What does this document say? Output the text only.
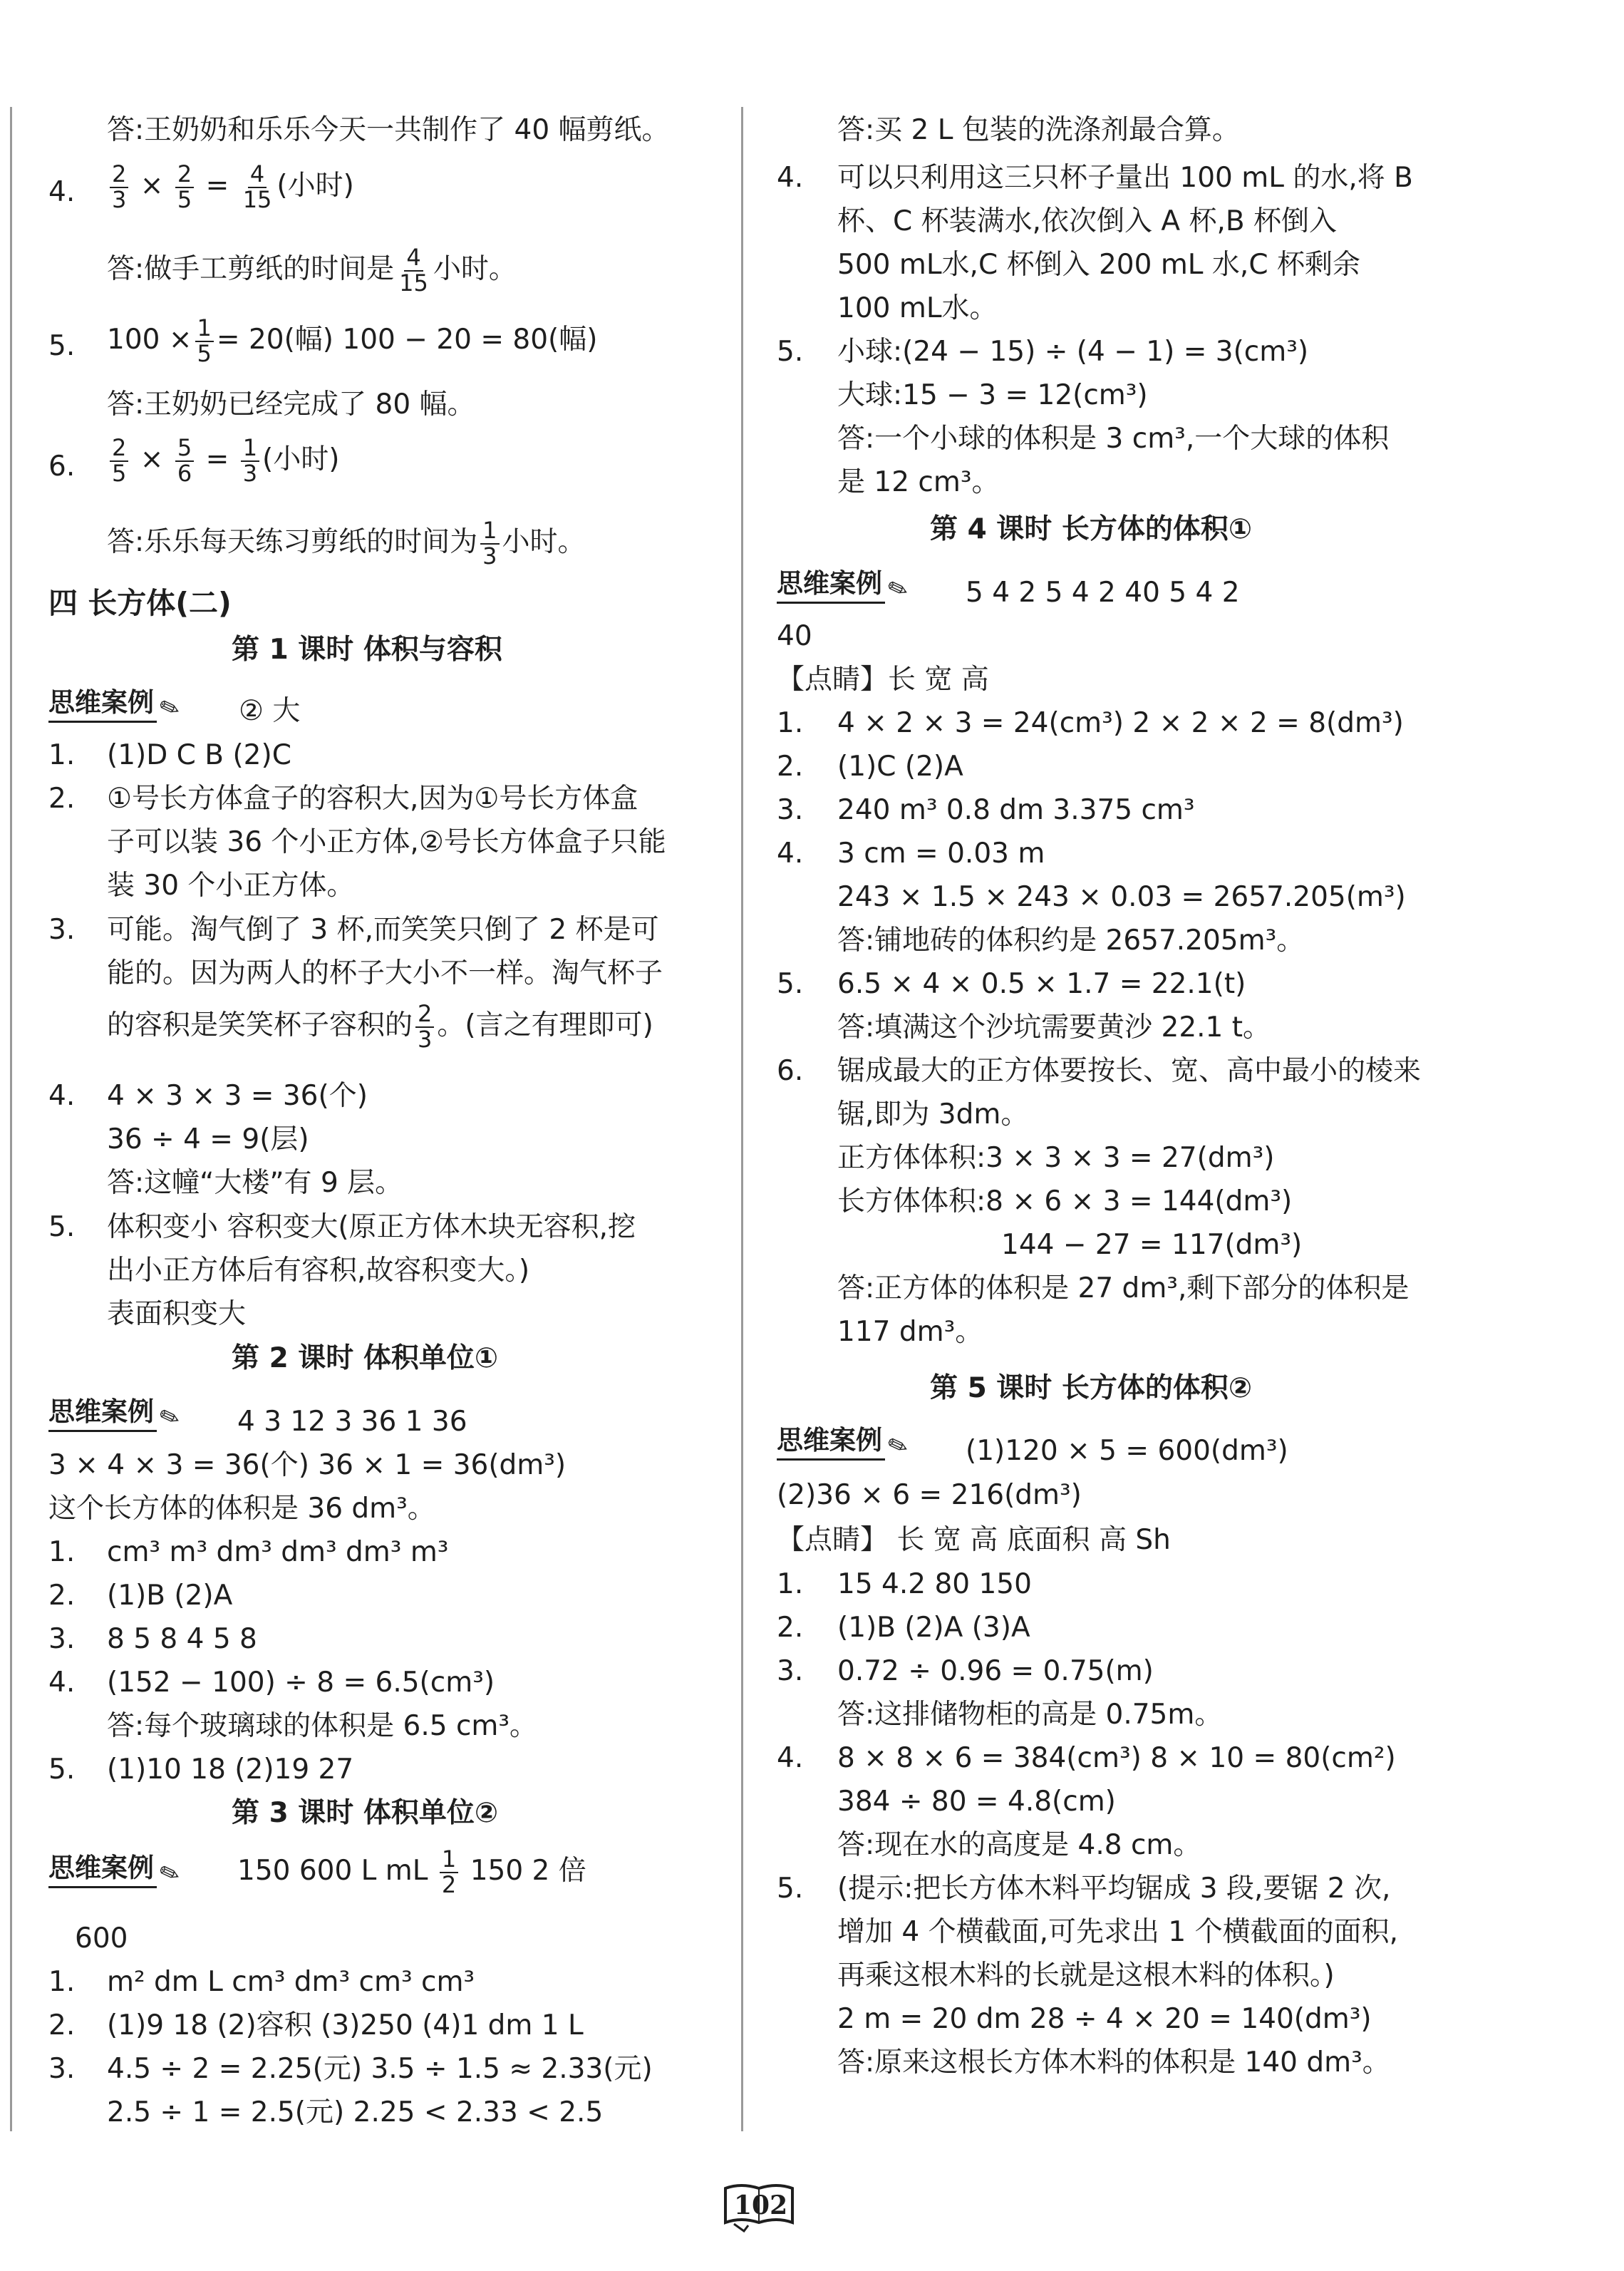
答:王奶奶和乐乐今天一共制作了 40 幅剪纸。
4. $\frac{2}{3} \times \frac{2}{5} = \frac{4}{15}$ (小时)
答:做手工剪纸的时间是 $\frac{4}{15}$ 小时。
5. $100 \times \frac{1}{5} = 20$(幅) 100 − 20 = 80(幅)
答:王奶奶已经完成了 80 幅。
6. $\frac{2}{5} \times \frac{5}{6} = \frac{1}{3}$ (小时)
答:乐乐每天练习剪纸的时间为 $\frac{1}{3}$ 小时。
四 长方体(二)
第 1 课时 体积与容积
思维案例 ✎ ② 大
1. (1)D C B (2)C
2. ①号长方体盒子的容积大,因为①号长方体盒
子可以装 36 个小正方体,②号长方体盒子只能
装 30 个小正方体。
3. 可能。淘气倒了 3 杯,而笑笑只倒了 2 杯是可
能的。因为两人的杯子大小不一样。淘气杯子
的容积是笑笑杯子容积的 $\frac{2}{3}$ 。(言之有理即可)
4. 4 × 3 × 3 = 36(个)
36 ÷ 4 = 9(层)
答:这幢“大楼”有 9 层。
5. 体积变小 容积变大(原正方体木块无容积,挖
出小正方体后有容积,故容积变大。)
表面积变大
第 2 课时 体积单位①
思维案例 ✎ 4 3 12 3 36 1 36
3 × 4 × 3 = 36(个) 36 × 1 = 36(dm³)
这个长方体的体积是 36 dm³。
1. cm³ m³ dm³ dm³ dm³ m³
2. (1)B (2)A
3. 8 5 8 4 5 8
4. (152 − 100) ÷ 8 = 6.5(cm³)
答:每个玻璃球的体积是 6.5 cm³。
5. (1)10 18 (2)19 27
第 3 课时 体积单位②
思维案例 ✎ 150 600 L mL $\frac{1}{2} 150$ 2 倍
600
1. m² dm L cm³ dm³ cm³ cm³
2. (1)9 18 (2)容积 (3)250 (4)1 dm 1 L
3. 4.5 ÷ 2 = 2.25(元) 3.5 ÷ 1.5 ≈ 2.33(元)
2.5 ÷ 1 = 2.5(元) 2.25 < 2.33 < 2.5
答:买 2 L 包装的洗涤剂最合算。
4. 可以只利用这三只杯子量出 100 mL 的水,将 B
杯、C 杯装满水,依次倒入 A 杯,B 杯倒入
500 mL水,C 杯倒入 200 mL 水,C 杯剩余
100 mL水。
5. 小球:(24 − 15) ÷ (4 − 1) = 3(cm³)
大球:15 − 3 = 12(cm³)
答:一个小球的体积是 3 cm³,一个大球的体积
是 12 cm³。
第 4 课时 长方体的体积①
思维案例 ✎ 5 4 2 5 4 2 40 5 4 2
40
【点睛】长 宽 高
1. 4 × 2 × 3 = 24(cm³) 2 × 2 × 2 = 8(dm³)
2. (1)C (2)A
3. 240 m³ 0.8 dm 3.375 cm³
4. 3 cm = 0.03 m
243 × 1.5 × 243 × 0.03 = 2657.205(m³)
答:铺地砖的体积约是 2657.205m³。
5. 6.5 × 4 × 0.5 × 1.7 = 22.1(t)
答:填满这个沙坑需要黄沙 22.1 t。
6. 锯成最大的正方体要按长、宽、高中最小的棱来
锯,即为 3dm。
正方体体积:3 × 3 × 3 = 27(dm³)
长方体体积:8 × 6 × 3 = 144(dm³)
144 − 27 = 117(dm³)
答:正方体的体积是 27 dm³,剩下部分的体积是
117 dm³。
第 5 课时 长方体的体积②
思维案例 ✎ (1)120 × 5 = 600(dm³)
(2)36 × 6 = 216(dm³)
【点睛】 长 宽 高 底面积 高 Sh
1. 15 4.2 80 150
2. (1)B (2)A (3)A
3. 0.72 ÷ 0.96 = 0.75(m)
答:这排储物柜的高是 0.75m。
4. 8 × 8 × 6 = 384(cm³) 8 × 10 = 80(cm²)
384 ÷ 80 = 4.8(cm)
答:现在水的高度是 4.8 cm。
5. (提示:把长方体木料平均锯成 3 段,要锯 2 次,
增加 4 个横截面,可先求出 1 个横截面的面积,
再乘这根木料的长就是这根木料的体积。)
2 m = 20 dm 28 ÷ 4 × 20 = 140(dm³)
答:原来这根长方体木料的体积是 140 dm³。
102
